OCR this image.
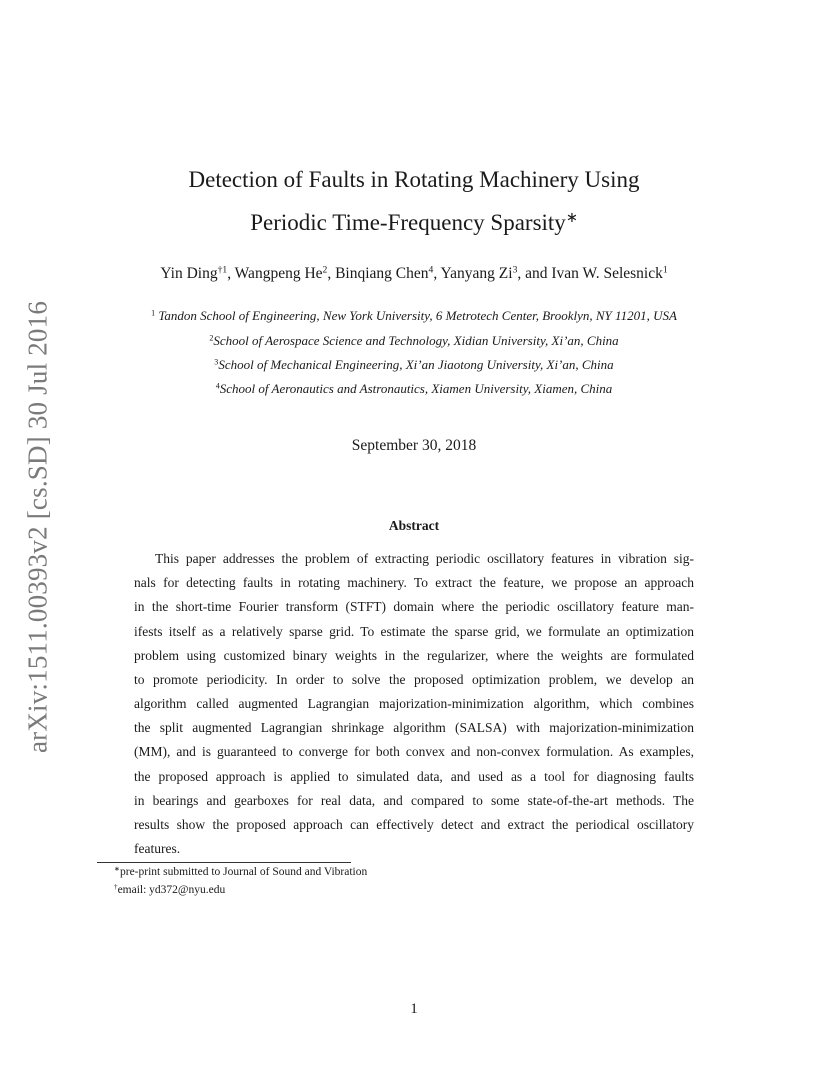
arXiv:1511.00393v2 [cs.SD] 30 Jul 2016
Detection of Faults in Rotating Machinery Using
Periodic Time-Frequency Sparsity∗
Yin Ding$^{\dagger 1}$, Wangpeng He$^2$, Binqiang Chen$^4$, Yanyang Zi$^3$, and Ivan W. Selesnick$^1$
$^1$ Tandon School of Engineering, New York University, 6 Metrotech Center, Brooklyn, NY 11201, USA
$^2$School of Aerospace Science and Technology, Xidian University, Xi’an, China
$^3$School of Mechanical Engineering, Xi’an Jiaotong University, Xi’an, China
$^4$School of Aeronautics and Astronautics, Xiamen University, Xiamen, China
September 30, 2018
Abstract
This paper addresses the problem of extracting periodic oscillatory features in vibration sig-
nals for detecting faults in rotating machinery. To extract the feature, we propose an approach
in the short-time Fourier transform (STFT) domain where the periodic oscillatory feature man-
ifests itself as a relatively sparse grid. To estimate the sparse grid, we formulate an optimization
problem using customized binary weights in the regularizer, where the weights are formulated
to promote periodicity. In order to solve the proposed optimization problem, we develop an
algorithm called augmented Lagrangian majorization-minimization algorithm, which combines
the split augmented Lagrangian shrinkage algorithm (SALSA) with majorization-minimization
(MM), and is guaranteed to converge for both convex and non-convex formulation. As examples,
the proposed approach is applied to simulated data, and used as a tool for diagnosing faults
in bearings and gearboxes for real data, and compared to some state-of-the-art methods. The
results show the proposed approach can effectively detect and extract the periodical oscillatory
features.
∗pre-print submitted to Journal of Sound and Vibration
†email: yd372@nyu.edu
1
